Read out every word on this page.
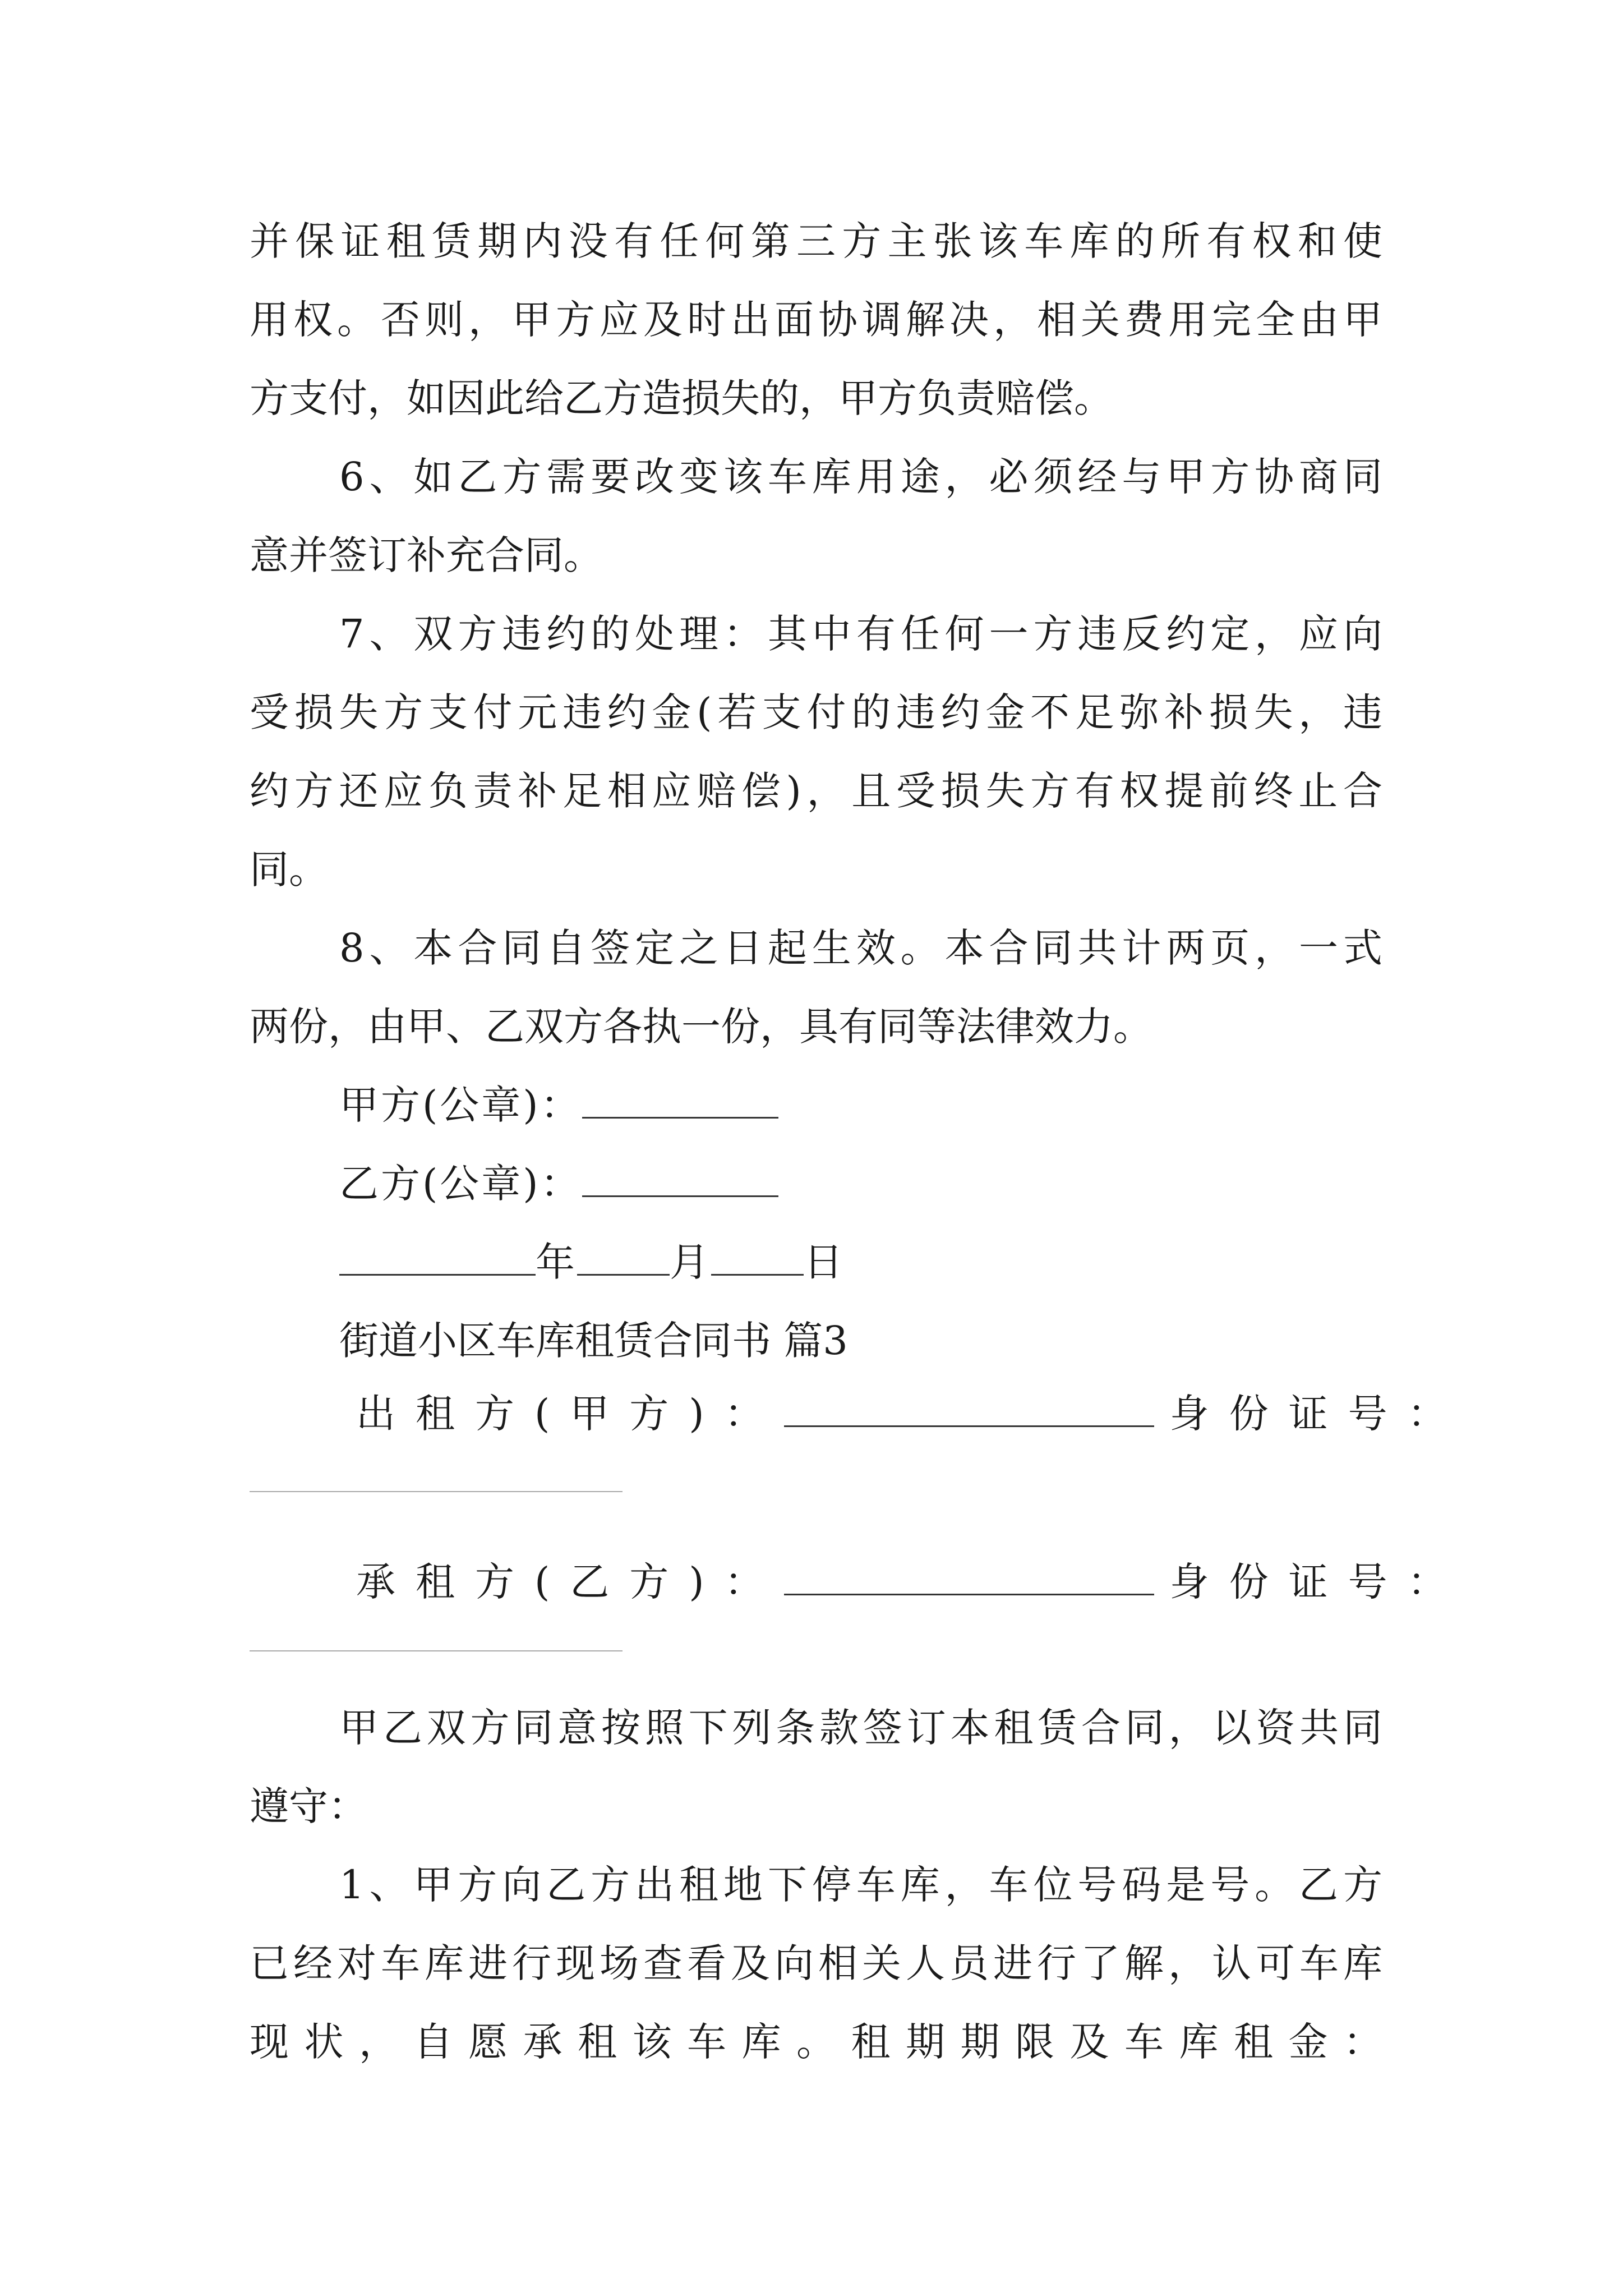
并保证租赁期内没有任何第三方主张该车库的所有权和使
用权。否则，甲方应及时出面协调解决，相关费用完全由甲
方支付，如因此给乙方造损失的，甲方负责赔偿。
6、如乙方需要改变该车库用途，必须经与甲方协商同
意并签订补充合同。
7、双方违约的处理：其中有任何一方违反约定，应向
受损失方支付元违约金(若支付的违约金不足弥补损失，违
约方还应负责补足相应赔偿)，且受损失方有权提前终止合
同。
8、本合同自签定之日起生效。本合同共计两页，一式
两份，由甲、乙双方各执一份，具有同等法律效力。
甲方(公章)：
乙方(公章)：
年 月 日
街道小区车库租赁合同书 篇3
出租方(甲方)：	身份证号：
承租方(乙方)：	身份证号：
甲乙双方同意按照下列条款签订本租赁合同，以资共同
遵守：
1、甲方向乙方出租地下停车库，车位号码是号。乙方
已经对车库进行现场查看及向相关人员进行了解，认可车库
现状，自愿承租该车库。租期期限及车库租金：
